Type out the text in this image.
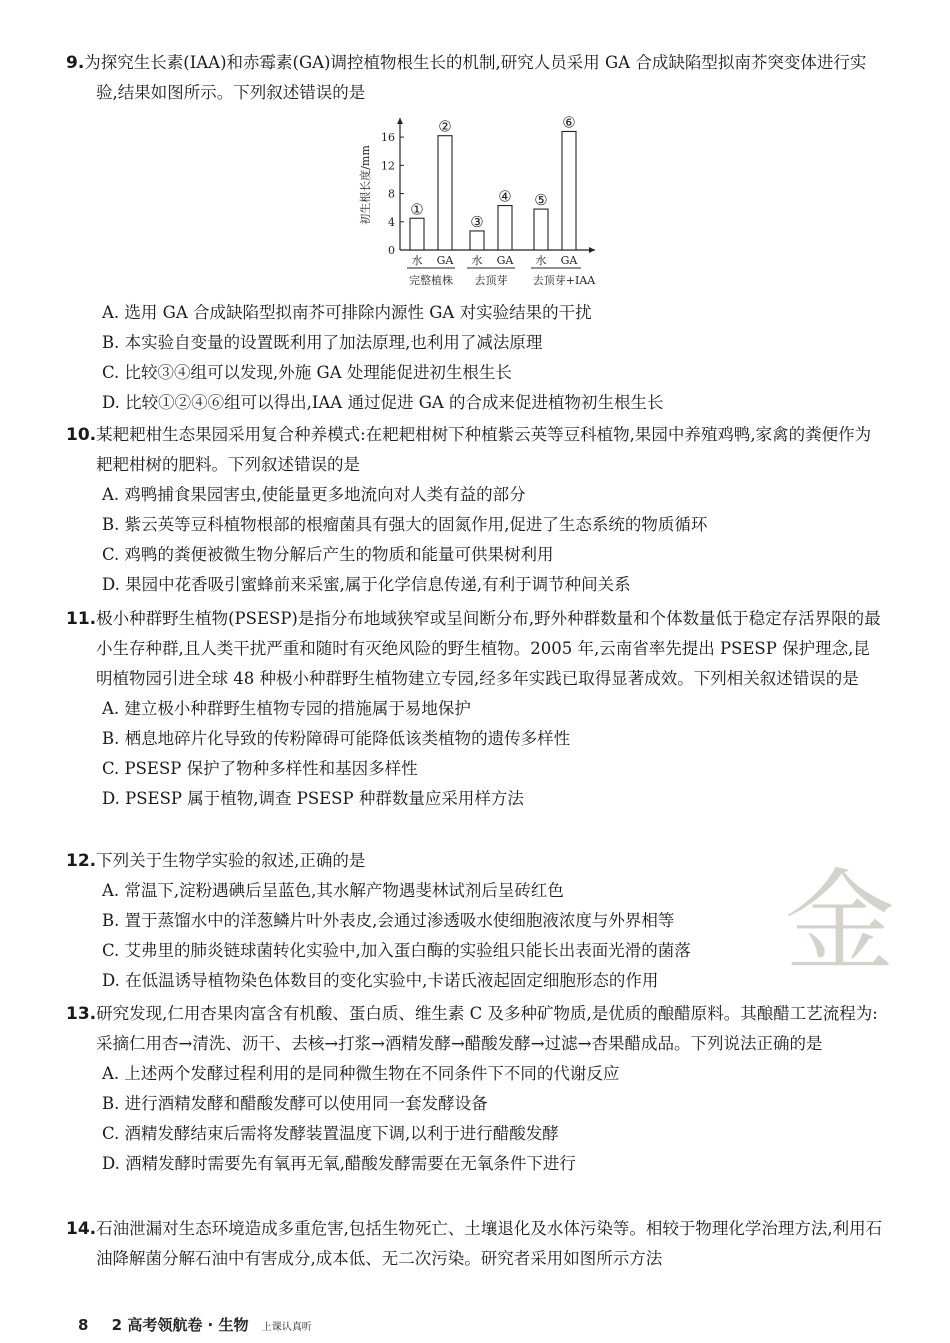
9.为探究生长素(IAA)和赤霉素(GA)调控植物根生长的机制,研究人员采用 GA 合成缺陷型拟南芥突变体进行实验,结果如图所示。下列叙述错误的是
0
4
8
12
16
初生根长度/mm	①
水
②
GA
③
水
④
GA
⑤
水
⑥
GA
完整植株 去顶芽 去顶芽+IAA
A. 选用 GA 合成缺陷型拟南芥可排除内源性 GA 对实验结果的干扰
B. 本实验自变量的设置既利用了加法原理,也利用了减法原理
C. 比较③④组可以发现,外施 GA 处理能促进初生根生长
D. 比较①②④⑥组可以得出,IAA 通过促进 GA 的合成来促进植物初生根生长
10.某耙耙柑生态果园采用复合种养模式:在耙耙柑树下种植紫云英等豆科植物,果园中养殖鸡鸭,家禽的粪便作为耙耙柑树的肥料。下列叙述错误的是
A. 鸡鸭捕食果园害虫,使能量更多地流向对人类有益的部分
B. 紫云英等豆科植物根部的根瘤菌具有强大的固氮作用,促进了生态系统的物质循环
C. 鸡鸭的粪便被微生物分解后产生的物质和能量可供果树利用
D. 果园中花香吸引蜜蜂前来采蜜,属于化学信息传递,有利于调节种间关系
11.极小种群野生植物(PSESP)是指分布地域狭窄或呈间断分布,野外种群数量和个体数量低于稳定存活界限的最小生存种群,且人类干扰严重和随时有灭绝风险的野生植物。2005 年,云南省率先提出 PSESP 保护理念,昆明植物园引进全球 48 种极小种群野生植物建立专园,经多年实践已取得显著成效。下列相关叙述错误的是
A. 建立极小种群野生植物专园的措施属于易地保护
B. 栖息地碎片化导致的传粉障碍可能降低该类植物的遗传多样性
C. PSESP 保护了物种多样性和基因多样性
D. PSESP 属于植物,调查 PSESP 种群数量应采用样方法
12.下列关于生物学实验的叙述,正确的是
A. 常温下,淀粉遇碘后呈蓝色,其水解产物遇斐林试剂后呈砖红色
B. 置于蒸馏水中的洋葱鳞片叶外表皮,会通过渗透吸水使细胞液浓度与外界相等
C. 艾弗里的肺炎链球菌转化实验中,加入蛋白酶的实验组只能长出表面光滑的菌落
D. 在低温诱导植物染色体数目的变化实验中,卡诺氏液起固定细胞形态的作用
13.研究发现,仁用杏果肉富含有机酸、蛋白质、维生素 C 及多种矿物质,是优质的酿醋原料。其酿醋工艺流程为:采摘仁用杏→清洗、沥干、去核→打浆→酒精发酵→醋酸发酵→过滤→杏果醋成品。下列说法正确的是
A. 上述两个发酵过程利用的是同种微生物在不同条件下不同的代谢反应
B. 进行酒精发酵和醋酸发酵可以使用同一套发酵设备
C. 酒精发酵结束后需将发酵装置温度下调,以利于进行醋酸发酵
D. 酒精发酵时需要先有氧再无氧,醋酸发酵需要在无氧条件下进行
14.石油泄漏对生态环境造成多重危害,包括生物死亡、土壤退化及水体污染等。相较于物理化学治理方法,利用石油降解菌分解石油中有害成分,成本低、无二次污染。研究者采用如图所示方法
金
8 2 高考领航卷 · 生物 上课认真听
